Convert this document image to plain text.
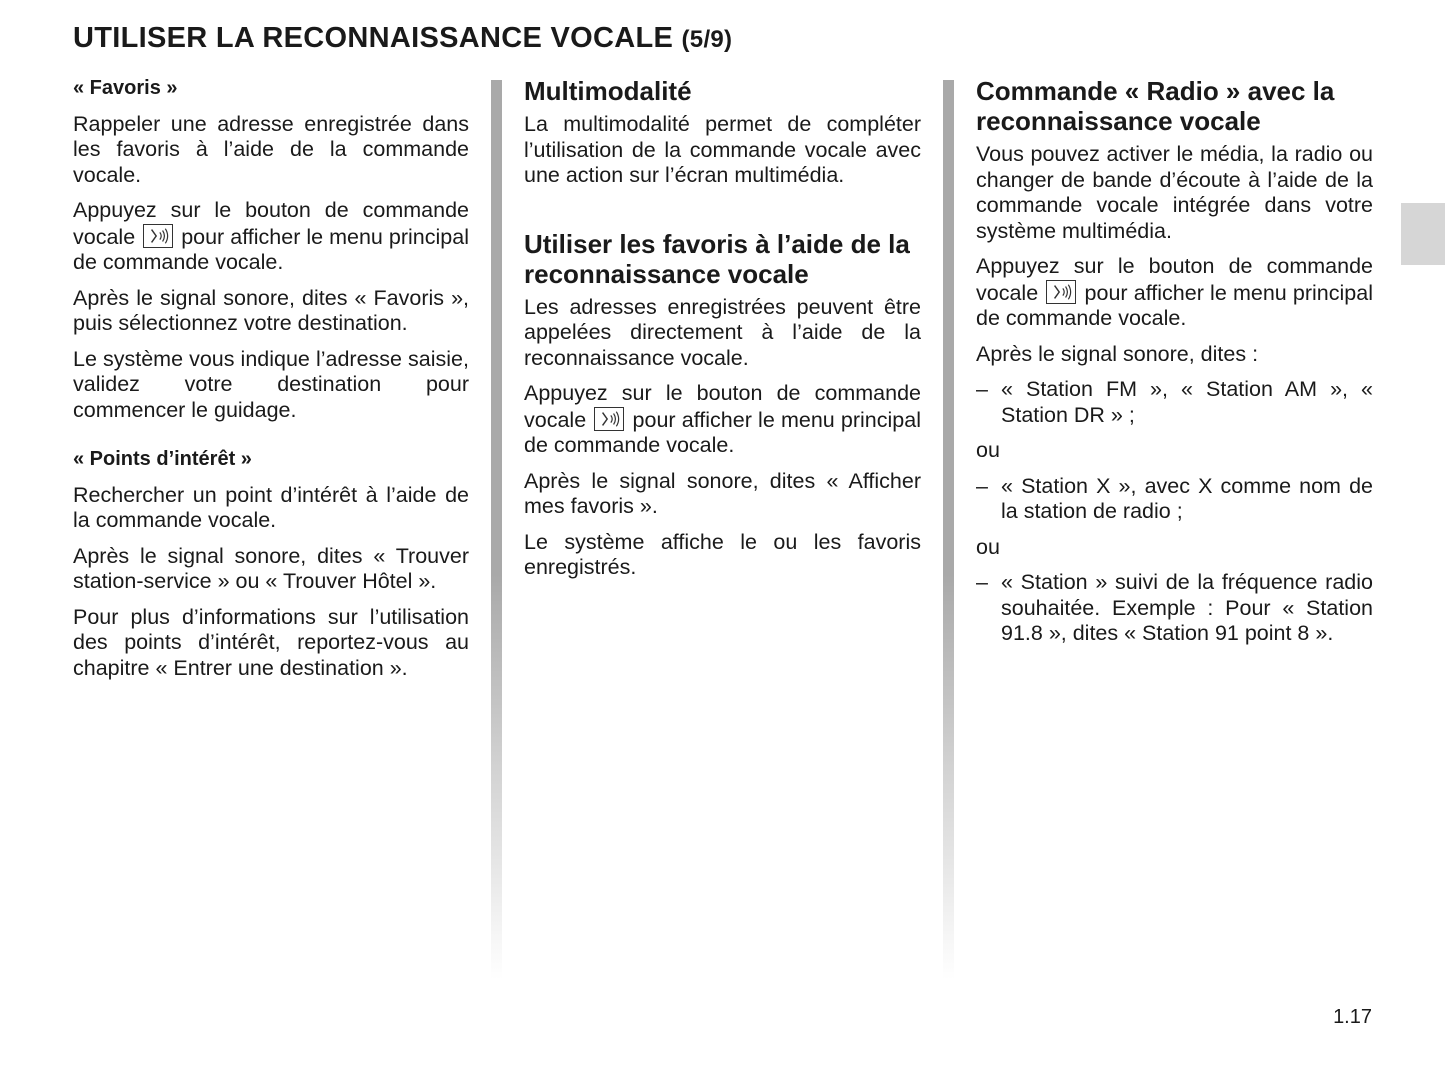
UTILISER LA RECONNAISSANCE VOCALE (5/9)
« Favoris »

Rappeler une adresse enregistrée dans les favoris à l’aide de la commande vocale.

Appuyez sur le bouton de commande vocale pour afficher le menu principal de commande vocale.

Après le signal sonore, dites « Favoris », puis sélectionnez votre destination.

Le système vous indique l’adresse saisie, validez votre destination pour commencer le guidage.

« Points d’intérêt »

Rechercher un point d’intérêt à l’aide de la commande vocale.

Après le signal sonore, dites « Trouver station-service » ou « Trouver Hôtel ».

Pour plus d’informations sur l’utilisation des points d’intérêt, reportez-vous au chapitre « Entrer une destination ».

Multimodalité

La multimodalité permet de compléter l’utilisation de la commande vocale avec une action sur l’écran multimédia.

Utiliser les favoris à l’aide de la reconnaissance vocale

Les adresses enregistrées peuvent être appelées directement à l’aide de la reconnaissance vocale.

Appuyez sur le bouton de commande vocale pour afficher le menu principal de commande vocale.

Après le signal sonore, dites « Afficher mes favoris ».

Le système affiche le ou les favoris enregistrés.

Commande « Radio » avec la reconnaissance vocale

Vous pouvez activer le média, la radio ou changer de bande d’écoute à l’aide de la commande vocale intégrée dans votre système multimédia.

Appuyez sur le bouton de commande vocale pour afficher le menu principal de commande vocale.

Après le signal sonore, dites :

– « Station FM », « Station AM », « Station DR » ;
ou
– « Station X », avec X comme nom de la station de radio ;
ou
– « Station » suivi de la fréquence radio souhaitée. Exemple : Pour « Station 91.8 », dites « Station 91 point 8 ».
1.17
